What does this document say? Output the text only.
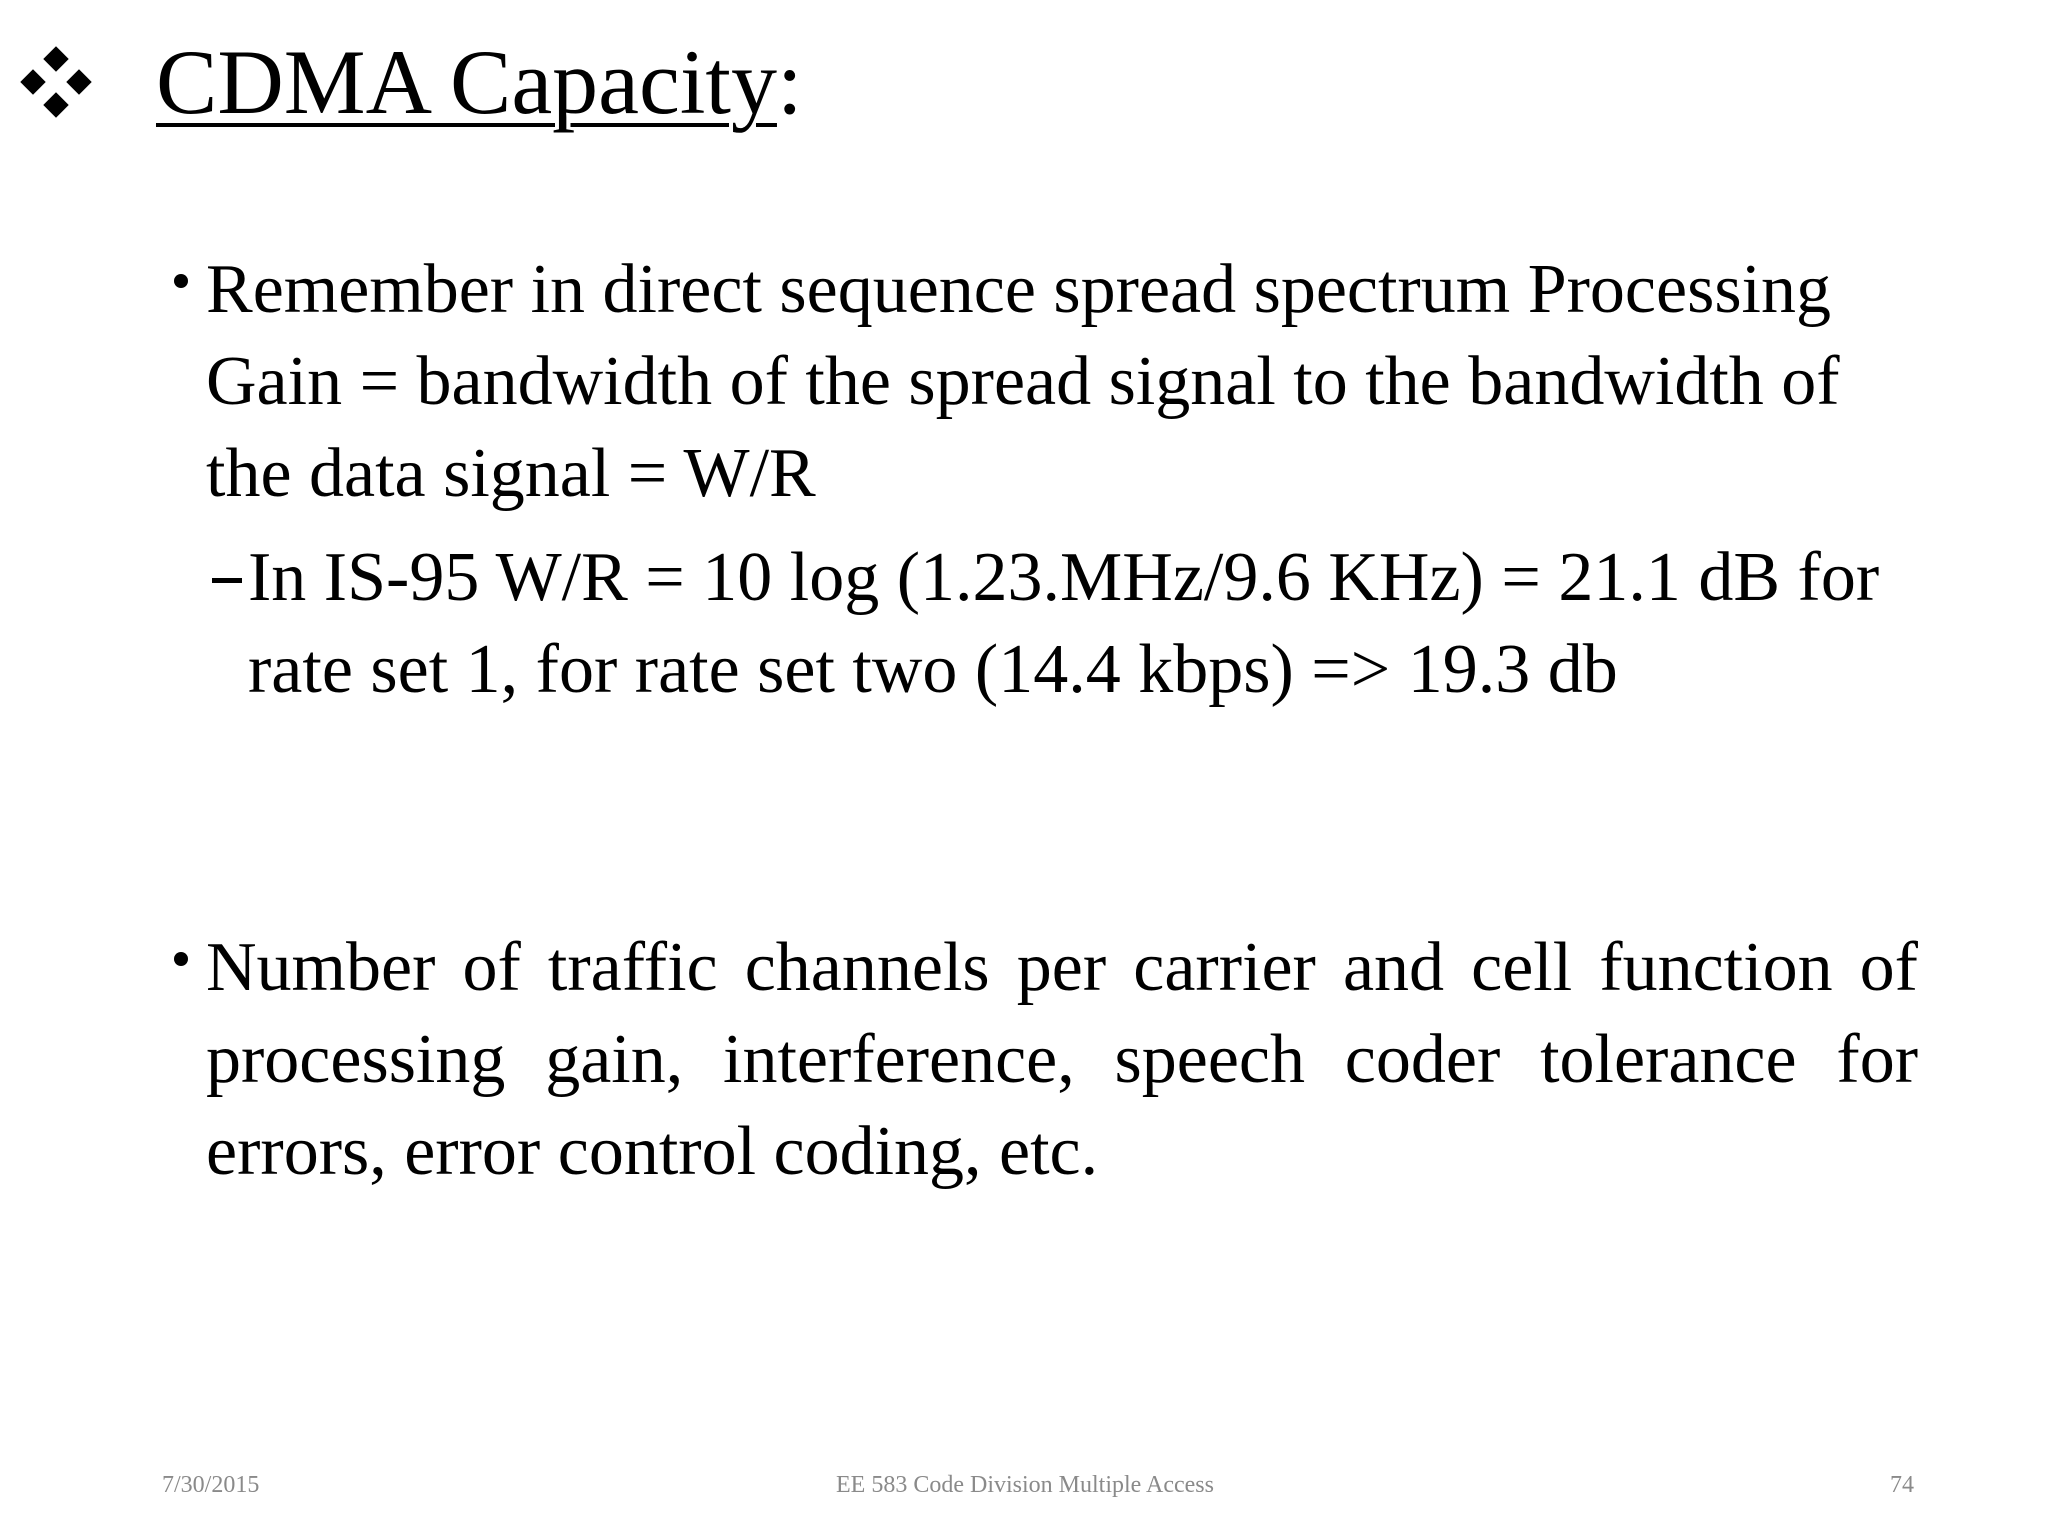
CDMA Capacity:
Remember in direct sequence spread spectrum Processing Gain = bandwidth of the spread signal to the bandwidth of the data signal = W/R
In IS-95 W/R = 10 log (1.23.MHz/9.6 KHz) = 21.1 dB for rate set 1, for rate set two (14.4 kbps) => 19.3 db
Number of traffic channels per carrier and cell function of processing gain, interference, speech coder tolerance for errors, error control coding, etc.
7/30/2015	EE 583 Code Division Multiple Access	74
